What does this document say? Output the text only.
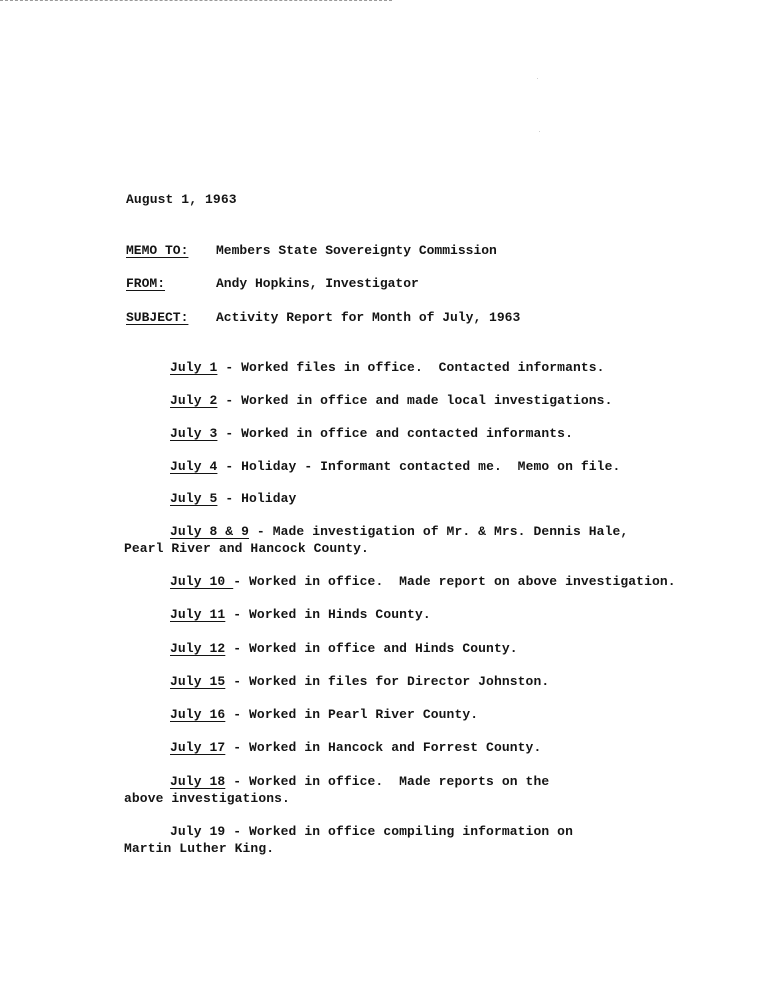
August 1, 1963
MEMO TO: Members State Sovereignty Commission
FROM:	Andy Hopkins, Investigator
SUBJECT: Activity Report for Month of July, 1963
July 1 - Worked files in office.  Contacted informants.
July 2 - Worked in office and made local investigations.
July 3 - Worked in office and contacted informants.
July 4 - Holiday - Informant contacted me.  Memo on file.
July 5 - Holiday
July 8 & 9 - Made investigation of Mr. & Mrs. Dennis Hale,
Pearl River and Hancock County.
July 10 - Worked in office.  Made report on above investigation.
July 11 - Worked in Hinds County.
July 12 - Worked in office and Hinds County.
July 15 - Worked in files for Director Johnston.
July 16 - Worked in Pearl River County.
July 17 - Worked in Hancock and Forrest County.
July 18 - Worked in office.  Made reports on the
above investigations.
July 19 - Worked in office compiling information on
Martin Luther King.
